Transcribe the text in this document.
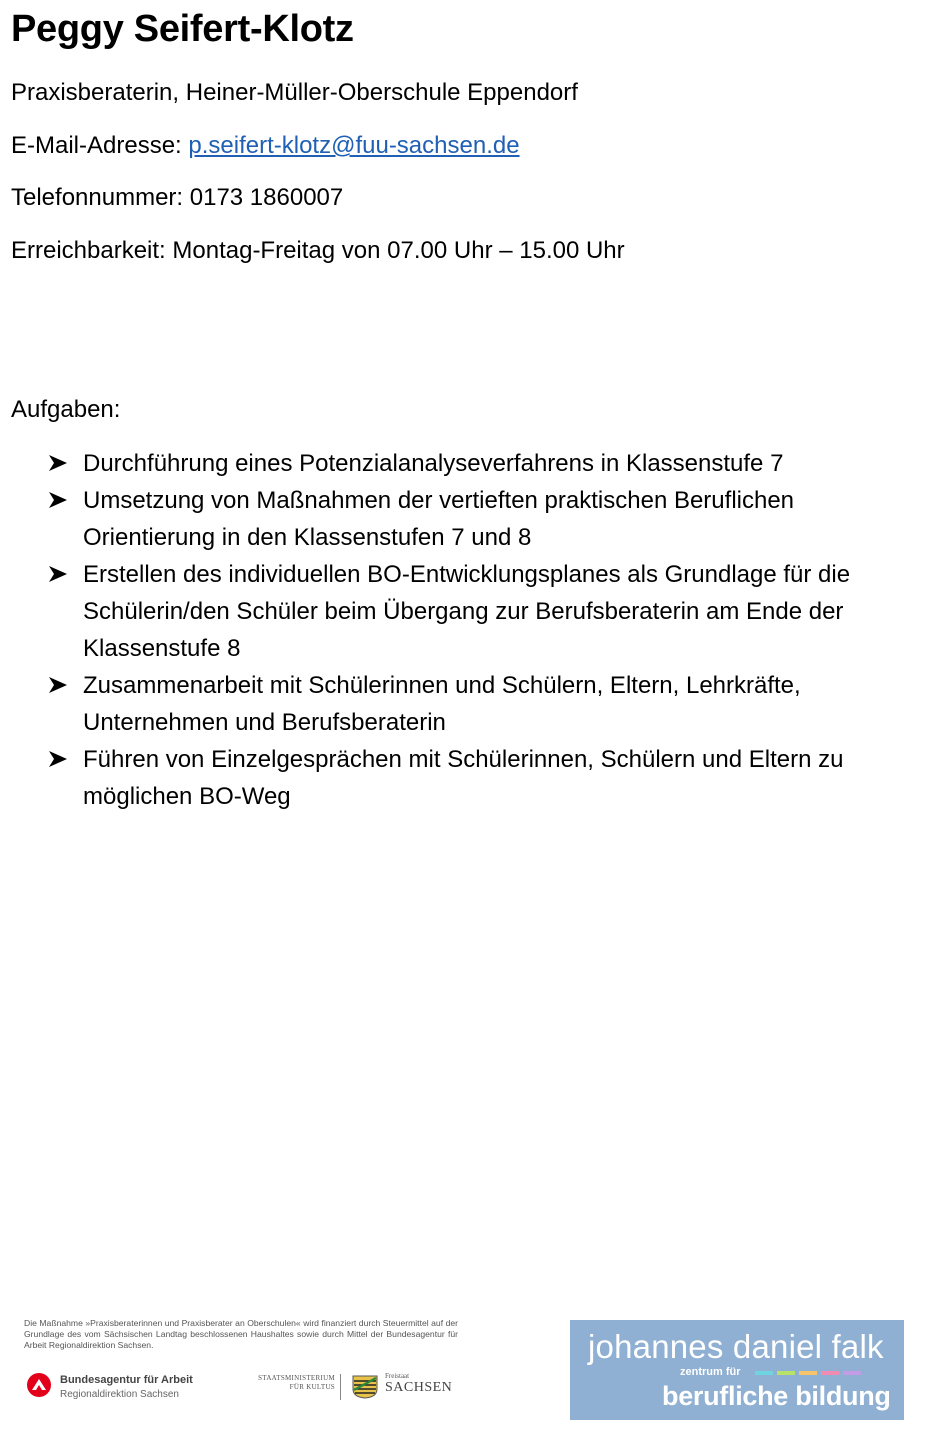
Peggy Seifert-Klotz
Praxisberaterin, Heiner-Müller-Oberschule Eppendorf
E-Mail-Adresse: p.seifert-klotz@fuu-sachsen.de
Telefonnummer: 0173 1860007
Erreichbarkeit: Montag-Freitag von 07.00 Uhr – 15.00 Uhr
Aufgaben:
Durchführung eines Potenzialanalyseverfahrens in Klassenstufe 7
Umsetzung von Maßnahmen der vertieften praktischen Beruflichen Orientierung in den Klassenstufen 7 und 8
Erstellen des individuellen BO-Entwicklungsplanes als Grundlage für die Schülerin/den Schüler beim Übergang zur Berufsberaterin am Ende der Klassenstufe 8
Zusammenarbeit mit Schülerinnen und Schülern, Eltern, Lehrkräfte, Unternehmen und Berufsberaterin
Führen von Einzelgesprächen mit Schülerinnen, Schülern und Eltern zu möglichen BO-Weg
Die Maßnahme »Praxisberaterinnen und Praxisberater an Oberschulen« wird finanziert durch Steuermittel auf der Grundlage des vom Sächsischen Landtag beschlossenen Haushaltes sowie durch Mittel der Bundesagentur für Arbeit Regionaldirektion Sachsen.
Bundesagentur für Arbeit
Regionaldirektion Sachsen
STAATSMINISTERIUM
FÜR KULTUS
Freistaat
SACHSEN
johannes daniel falk
zentrum für
berufliche bildung
